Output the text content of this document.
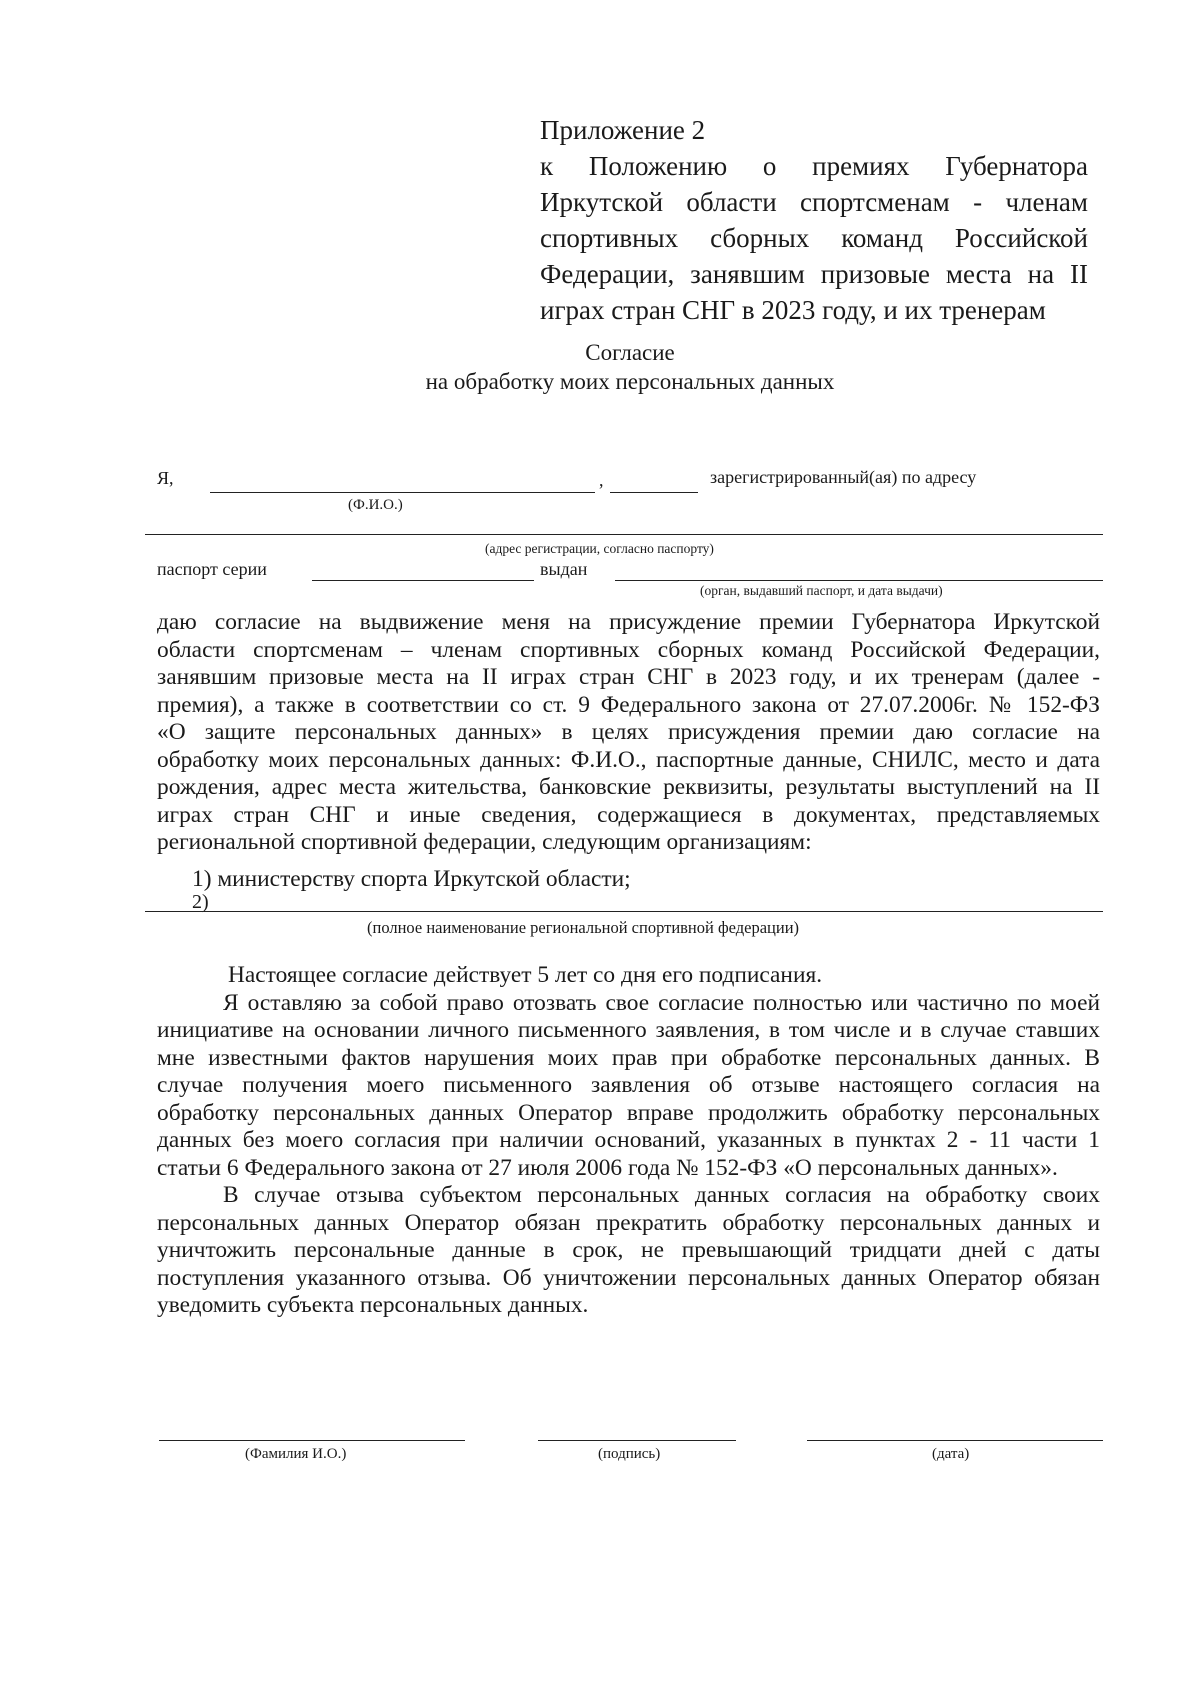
Приложение 2
к Положению о премиях Губернатора
Иркутской области спортсменам - членам
спортивных сборных команд Российской
Федерации, занявшим призовые места на II
играх стран СНГ в 2023 году, и их тренерам
Согласие
на обработку моих персональных данных
Я,	,	зарегистрированный(ая) по адресу
(Ф.И.О.)
(адрес регистрации, согласно паспорту)
паспорт серии	выдан
(орган, выдавший паспорт, и дата выдачи)
даю согласие на выдвижение меня на присуждение премии Губернатора Иркутской
области спортсменам – членам спортивных сборных команд Российской Федерации,
занявшим призовые места на II играх стран СНГ в 2023 году, и их тренерам (далее -
премия), а также в соответствии со ст. 9 Федерального закона от 27.07.2006г. № 152-ФЗ
«О защите персональных данных» в целях присуждения премии даю согласие на
обработку моих персональных данных: Ф.И.О., паспортные данные, СНИЛС, место и дата
рождения, адрес места жительства, банковские реквизиты, результаты выступлений на II
играх стран СНГ и иные сведения, содержащиеся в документах, представляемых
региональной спортивной федерации, следующим организациям:
1) министерству спорта Иркутской области;
2)
(полное наименование региональной спортивной федерации)
Настоящее согласие действует 5 лет со дня его подписания.
Я оставляю за собой право отозвать свое согласие полностью или частично по моей
инициативе на основании личного письменного заявления, в том числе и в случае ставших
мне известными фактов нарушения моих прав при обработке персональных данных. В
случае получения моего письменного заявления об отзыве настоящего согласия на
обработку персональных данных Оператор вправе продолжить обработку персональных
данных без моего согласия при наличии оснований, указанных в пунктах 2 - 11 части 1
статьи 6 Федерального закона от 27 июля 2006 года № 152-ФЗ «О персональных данных».
В случае отзыва субъектом персональных данных согласия на обработку своих
персональных данных Оператор обязан прекратить обработку персональных данных и
уничтожить персональные данные в срок, не превышающий тридцати дней с даты
поступления указанного отзыва. Об уничтожении персональных данных Оператор обязан
уведомить субъекта персональных данных.
(Фамилия И.О.)	(подпись)	(дата)
